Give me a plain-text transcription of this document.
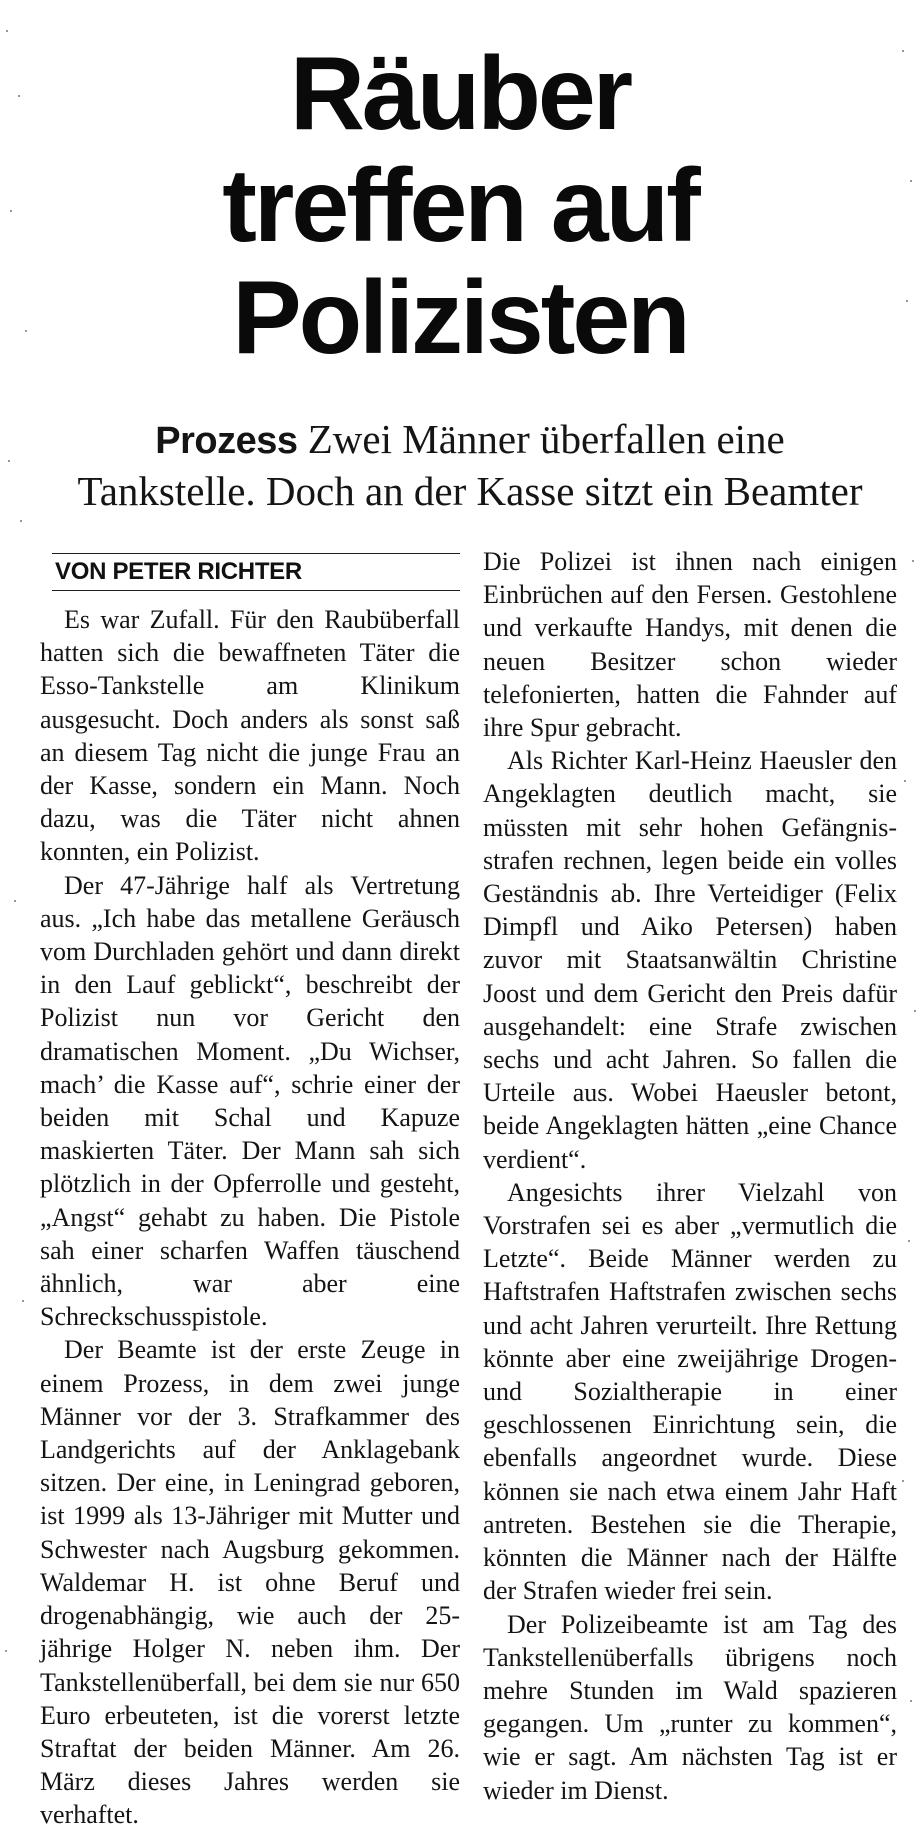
Räuber
treffen auf
Polizisten
Prozess Zwei Männer überfallen eine
Tankstelle. Doch an der Kasse sitzt ein Beamter
VON PETER RICHTER

Es war Zufall. Für den Raubüberfall hatten sich die bewaffneten Täter die Esso-Tankstelle am Klinikum ausgesucht. Doch anders als sonst saß an diesem Tag nicht die junge Frau an der Kasse, sondern ein Mann. Noch dazu, was die Täter nicht ahnen konnten, ein Polizist.

Der 47-Jährige half als Vertretung aus. „Ich habe das metallene Geräusch vom Durchladen gehört und dann direkt in den Lauf geblickt“, beschreibt der Polizist nun vor Gericht den dramatischen Moment. „Du Wichser, mach’ die Kasse auf“, schrie einer der beiden mit Schal und Kapuze maskierten Täter. Der Mann sah sich plötzlich in der Opferrolle und gesteht, „Angst“ gehabt zu haben. Die Pistole sah einer scharfen Waffen täuschend ähnlich, war aber eine Schreckschusspistole.

Der Beamte ist der erste Zeuge in einem Prozess, in dem zwei junge Männer vor der 3. Strafkammer des Landgerichts auf der Anklagebank sitzen. Der eine, in Leningrad geboren, ist 1999 als 13-Jähriger mit Mutter und Schwester nach Augsburg gekommen. Waldemar H. ist ohne Beruf und drogenabhängig, wie auch der 25-jährige Holger N. neben ihm. Der Tankstellenüberfall, bei dem sie nur 650 Euro erbeuteten, ist die vorerst letzte Straftat der beiden Männer. Am 26. März dieses Jahres werden sie verhaftet.

Die Polizei ist ihnen nach einigen Einbrüchen auf den Fersen. Gestohlene und verkaufte Handys, mit denen die neuen Besitzer schon wieder telefonierten, hatten die Fahnder auf ihre Spur gebracht.

Als Richter Karl-Heinz Haeusler den Angeklagten deutlich macht, sie müssten mit sehr hohen Gefängnisstrafen rechnen, legen beide ein volles Geständnis ab. Ihre Verteidiger (Felix Dimpfl und Aiko Petersen) haben zuvor mit Staatsanwältin Christine Joost und dem Gericht den Preis dafür ausgehandelt: eine Strafe zwischen sechs und acht Jahren. So fallen die Urteile aus. Wobei Haeusler betont, beide Angeklagten hätten „eine Chance verdient“.

Angesichts ihrer Vielzahl von Vorstrafen sei es aber „vermutlich die Letzte“. Beide Männer werden zu Haftstrafen Haftstrafen zwischen sechs und acht Jahren verurteilt. Ihre Rettung könnte aber eine zweijährige Drogen- und Sozialtherapie in einer geschlossenen Einrichtung sein, die ebenfalls angeordnet wurde. Diese können sie nach etwa einem Jahr Haft antreten. Bestehen sie die Therapie, könnten die Männer nach der Hälfte der Strafen wieder frei sein.

Der Polizeibeamte ist am Tag des Tankstellenüberfalls übrigens noch mehre Stunden im Wald spazieren gegangen. Um „runter zu kommen“, wie er sagt. Am nächsten Tag ist er wieder im Dienst.
